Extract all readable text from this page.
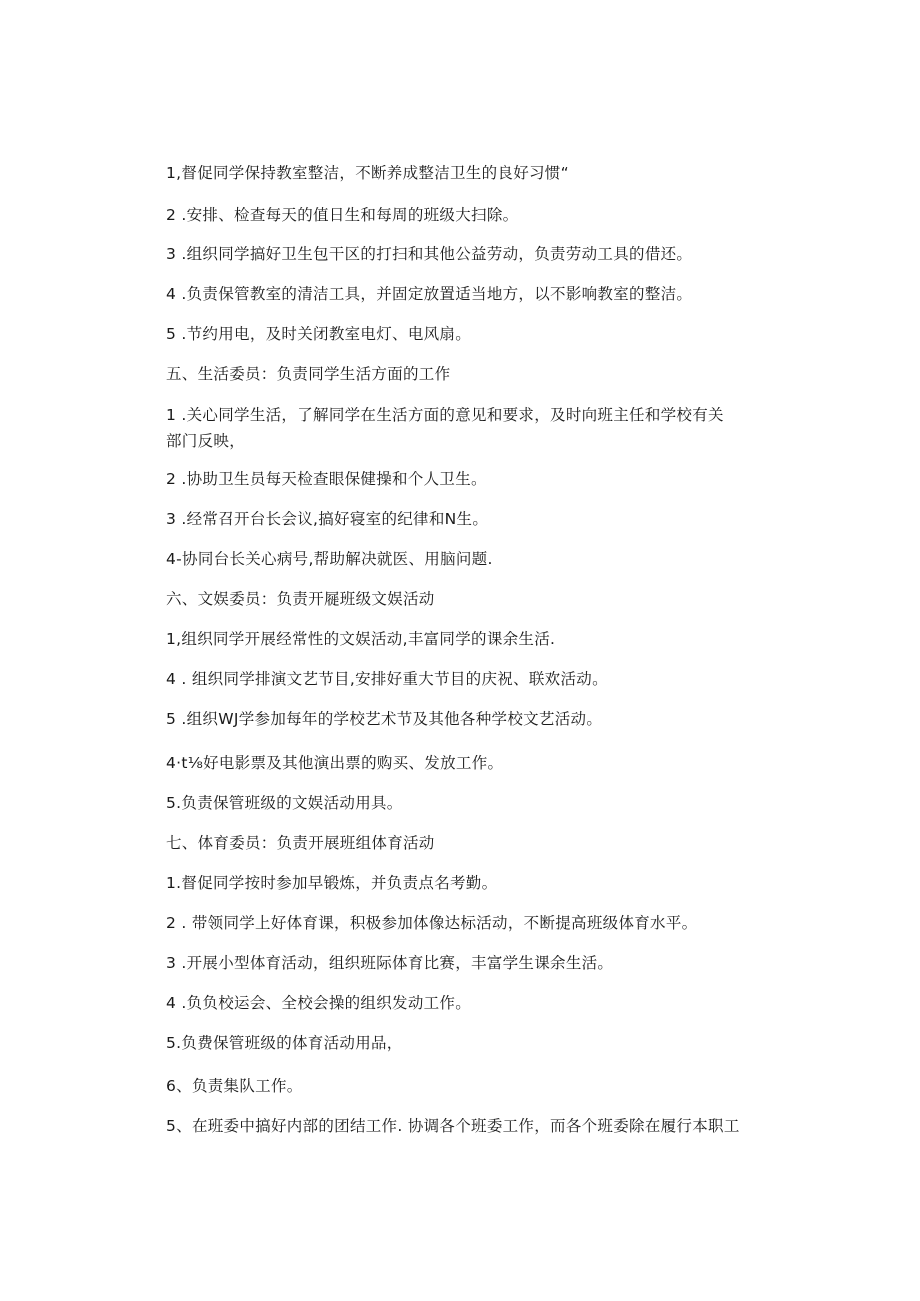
1,督促同学保持教室整洁，不断养成整洁卫生的良好习惯“
2 .安排、检查每天的值日生和每周的班级大扫除。
3 .组织同学搞好卫生包干区的打扫和其他公益劳动，负责劳动工具的借还。
4 .负责保管教室的清洁工具，并固定放置适当地方，以不影响教室的整洁。
5 .节约用电，及时关闭教室电灯、电风扇。
五、生活委员：负责同学生活方面的工作
1 .关心同学生活，了解同学在生活方面的意见和要求，及时向班主任和学校有关
部门反映，
2 .协助卫生员每天检查眼保健操和个人卫生。
3 .经常召开台长会议,搞好寝室的纪律和N生。
4-协同台长关心病号,帮助解决就医、用脑问题.
六、文娱委员：负责开屣班级文娱活动
1,组织同学开展经常性的文娱活动,丰富同学的课余生活.
4 . 组织同学排演文艺节目,安排好重大节目的庆祝、联欢活动。
5 .组织WJ学参加每年的学校艺术节及其他各种学校文艺活动。
4·t⅛好电影票及其他演出票的购买、发放工作。
5.负责保管班级的文娱活动用具。
七、体育委员：负责开展班组体育活动
1.督促同学按时参加早锻炼，并负责点名考勤。
2 . 带领同学上好体育课，积极参加体像达标活动，不断提高班级体育水平。
3 .开展小型体育活动，组织班际体育比赛，丰富学生课余生活。
4 .负负校运会、全校会操的组织发动工作。
5.负费保管班级的体育活动用品，
6、负责集队工作。
5、在班委中搞好内部的团结工作. 协调各个班委工作，而各个班委除在履行本职工
